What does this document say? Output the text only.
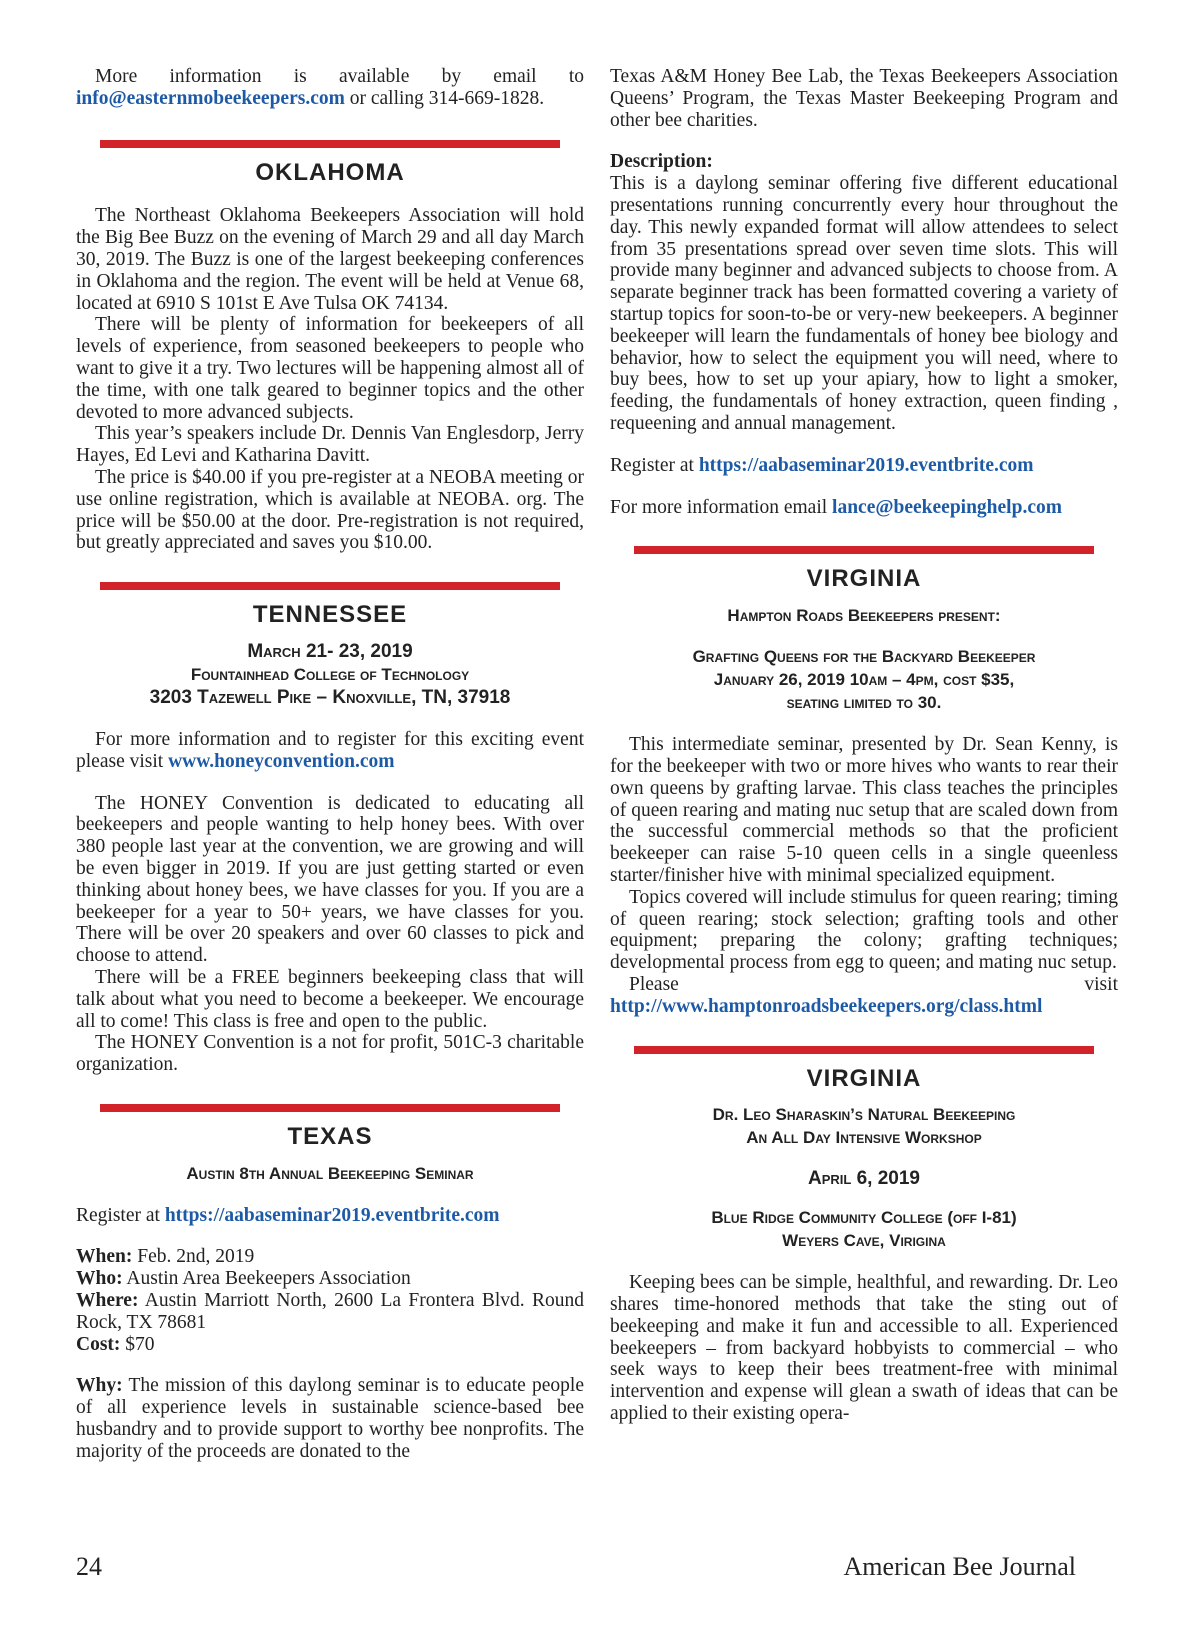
More information is available by email to info@easternmobeekeepers.com or calling 314-669-1828.

OKLAHOMA

The Northeast Oklahoma Beekeepers Association will hold the Big Bee Buzz on the evening of March 29 and all day March 30, 2019. The Buzz is one of the largest beekeeping conferences in Oklahoma and the region. The event will be held at Venue 68, located at 6910 S 101st E Ave Tulsa OK 74134.

There will be plenty of information for beekeepers of all levels of experience, from seasoned beekeepers to people who want to give it a try. Two lectures will be happening almost all of the time, with one talk geared to beginner topics and the other devoted to more advanced subjects.

This year’s speakers include Dr. Dennis Van Englesdorp, Jerry Hayes, Ed Levi and Katharina Davitt.

The price is $40.00 if you pre-register at a NEOBA meeting or use online registration, which is available at NEOBA. org. The price will be $50.00 at the door. Pre-registration is not required, but greatly appreciated and saves you $10.00.

TENNESSEE
March 21- 23, 2019
Fountainhead College of Technology
3203 Tazewell Pike – Knoxville, TN, 37918

For more information and to register for this exciting event please visit www.honeyconvention.com

The HONEY Convention is dedicated to educating all beekeepers and people wanting to help honey bees. With over 380 people last year at the convention, we are growing and will be even bigger in 2019. If you are just getting started or even thinking about honey bees, we have classes for you. If you are a beekeeper for a year to 50+ years, we have classes for you. There will be over 20 speakers and over 60 classes to pick and choose to attend.

There will be a FREE beginners beekeeping class that will talk about what you need to become a beekeeper. We encourage all to come! This class is free and open to the public.

The HONEY Convention is a not for profit, 501C-3 charitable organization.

TEXAS
Austin 8th Annual Beekeeping Seminar

Register at https://aabaseminar2019.eventbrite.com

When: Feb. 2nd, 2019

Who: Austin Area Beekeepers Association

Where: Austin Marriott North, 2600 La Frontera Blvd. Round Rock, TX 78681

Cost: $70

Why: The mission of this daylong seminar is to educate people of all experience levels in sustainable science-based bee husbandry and to provide support to worthy bee nonprofits. The majority of the proceeds are donated to the

Texas A&M Honey Bee Lab, the Texas Beekeepers Association Queens’ Program, the Texas Master Beekeeping Program and other bee charities.

Description:

This is a daylong seminar offering five different educational presentations running concurrently every hour throughout the day. This newly expanded format will allow attendees to select from 35 presentations spread over seven time slots. This will provide many beginner and advanced subjects to choose from. A separate beginner track has been formatted covering a variety of startup topics for soon-to-be or very-new beekeepers. A beginner beekeeper will learn the fundamentals of honey bee biology and behavior, how to select the equipment you will need, where to buy bees, how to set up your apiary, how to light a smoker, feeding, the fundamentals of honey extraction, queen finding , requeening and annual management.

Register at https://aabaseminar2019.eventbrite.com

For more information email lance@beekeepinghelp.com

VIRGINIA
Hampton Roads Beekeepers present:
Grafting Queens for the Backyard Beekeeper
January 26, 2019 10am – 4pm, cost $35,
seating limited to 30.

This intermediate seminar, presented by Dr. Sean Kenny, is for the beekeeper with two or more hives who wants to rear their own queens by grafting larvae. This class teaches the principles of queen rearing and mating nuc setup that are scaled down from the successful commercial methods so that the proficient beekeeper can raise 5-10 queen cells in a single queenless starter/finisher hive with minimal specialized equipment.

Topics covered will include stimulus for queen rearing; timing of queen rearing; stock selection; grafting tools and other equipment; preparing the colony; grafting techniques; developmental process from egg to queen; and mating nuc setup.

Please visit http://www.hamptonroadsbeekeepers.org/class.html

VIRGINIA
Dr. Leo Sharaskin’s Natural Beekeeping
An All Day Intensive Workshop
April 6, 2019
Blue Ridge Community College (off I-81)
Weyers Cave, Virigina

Keeping bees can be simple, healthful, and rewarding. Dr. Leo shares time-honored methods that take the sting out of beekeeping and make it fun and accessible to all. Experienced beekeepers – from backyard hobbyists to commercial – who seek ways to keep their bees treatment-free with minimal intervention and expense will glean a swath of ideas that can be applied to their existing opera-

24	American Bee Journal
